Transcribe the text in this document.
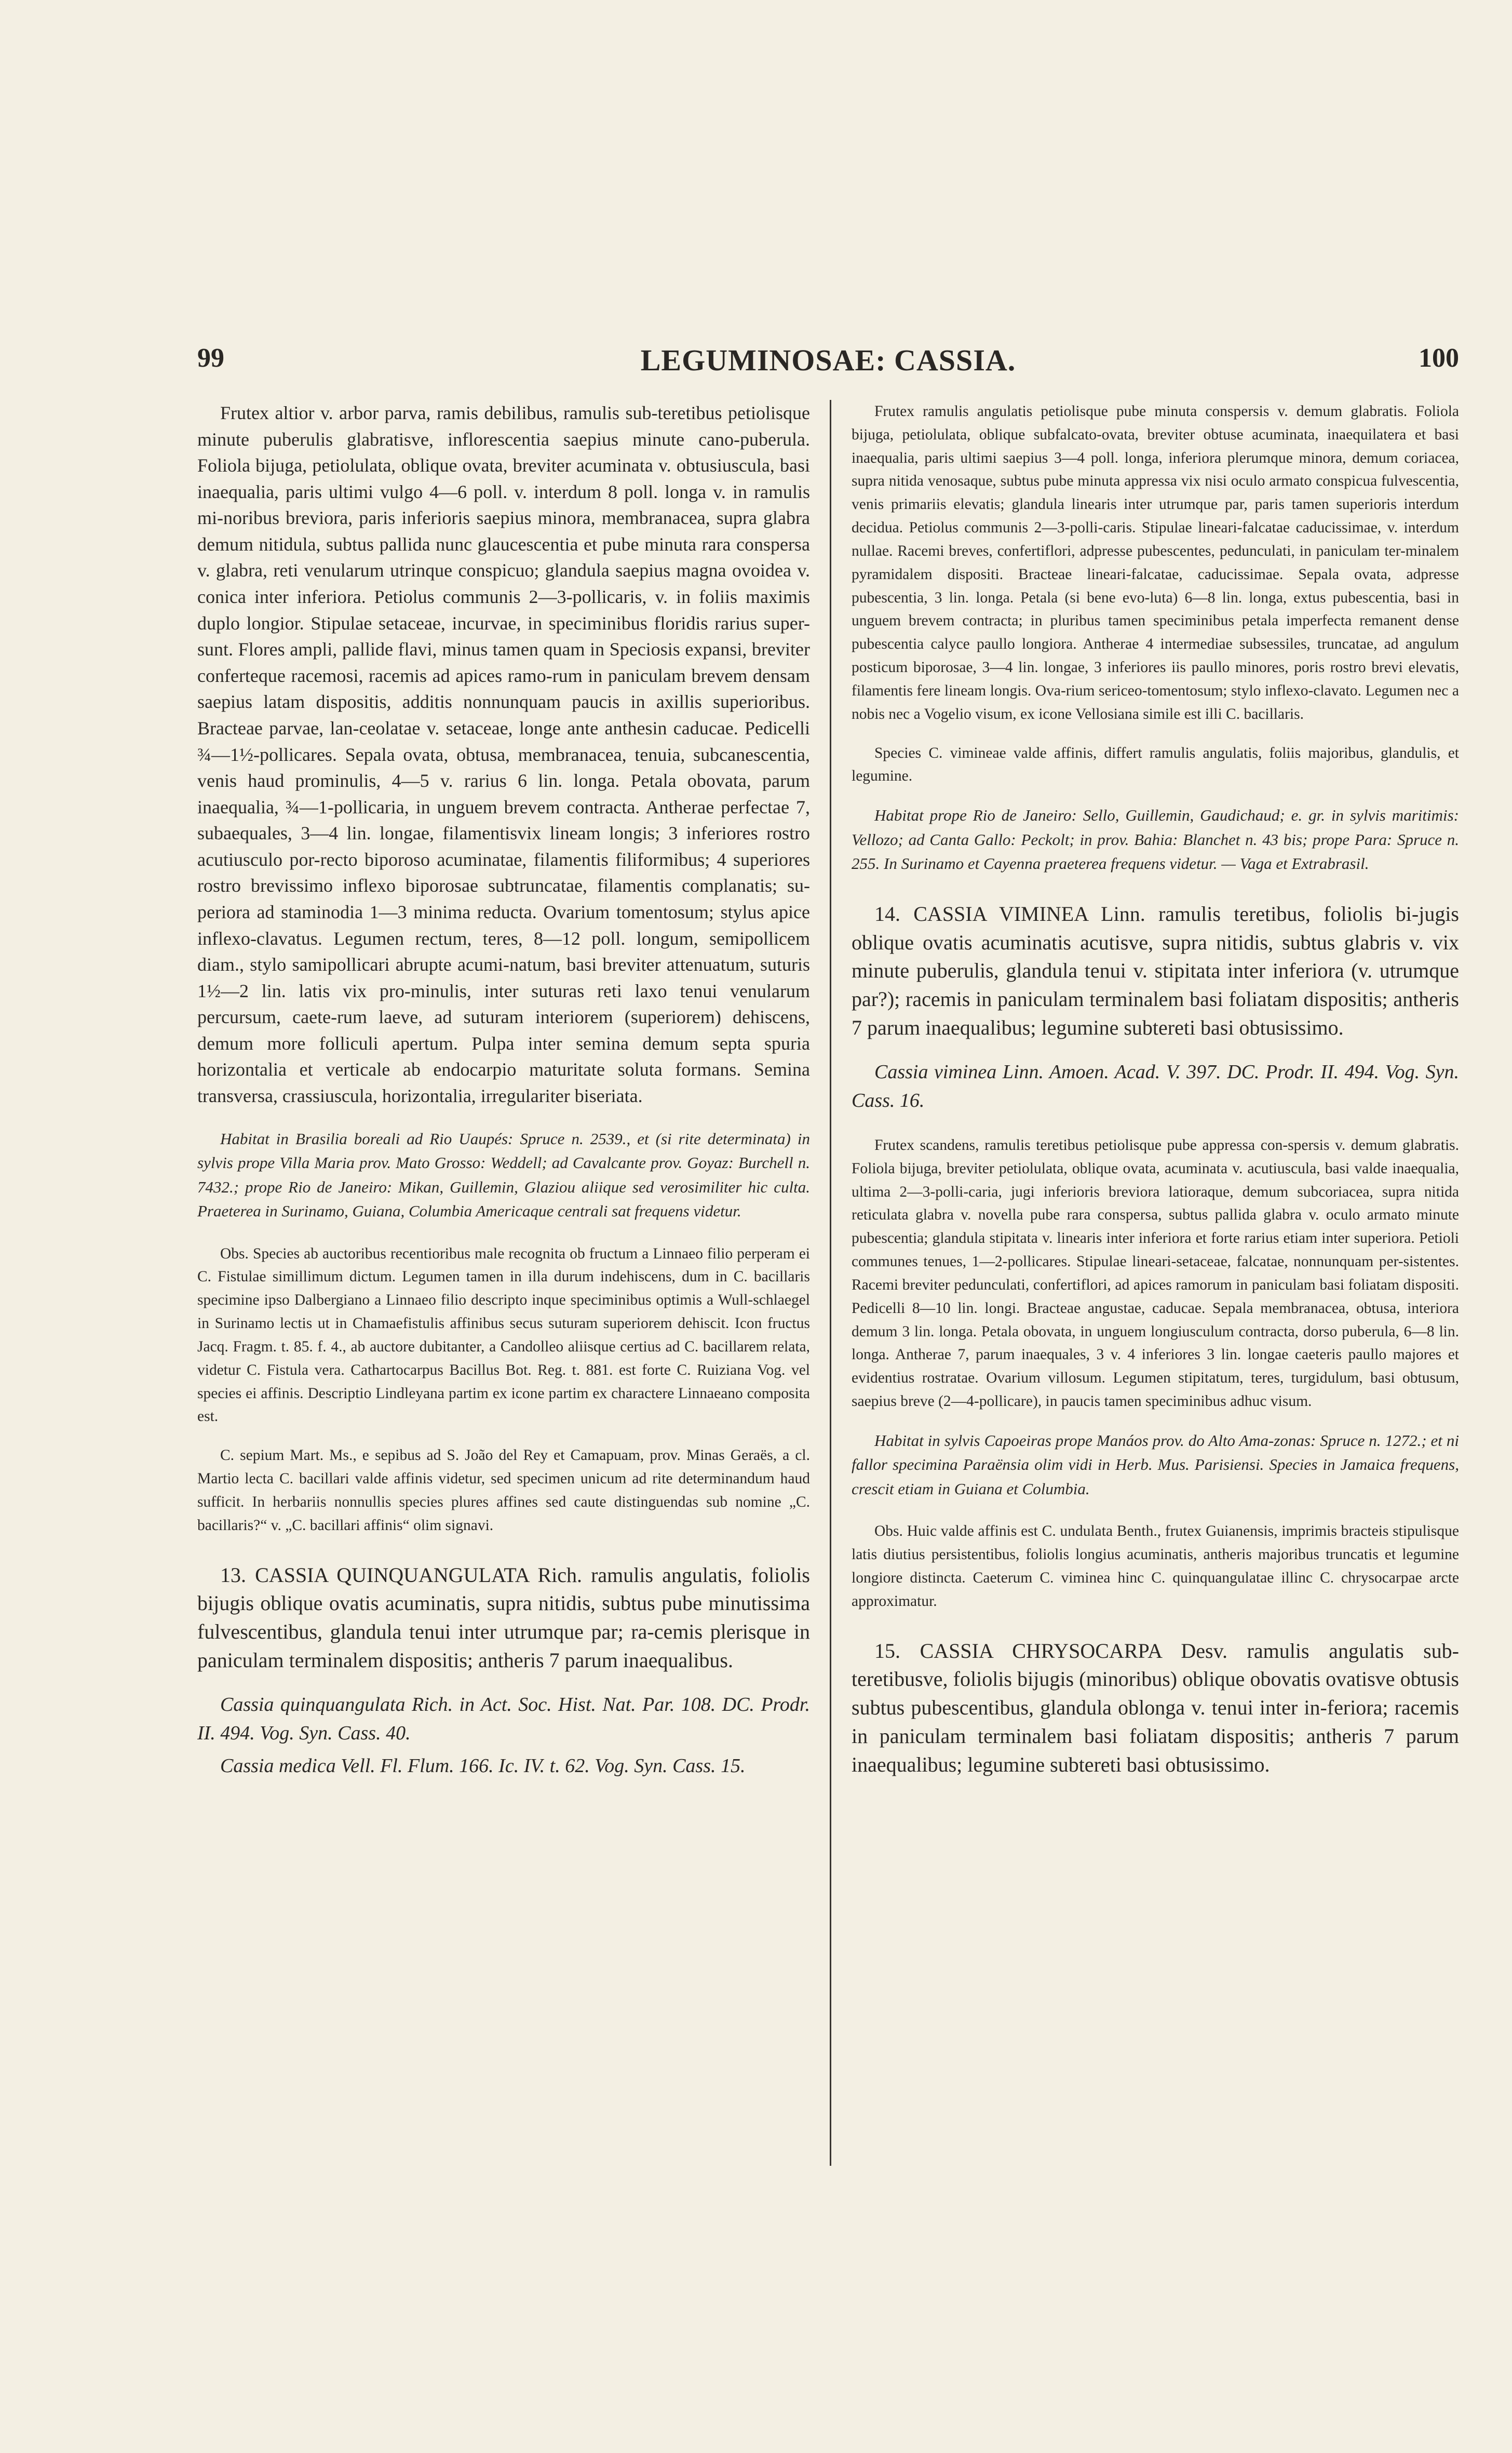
99	LEGUMINOSAE: CASSIA.	100

Frutex altior v. arbor parva, ramis debilibus, ramulis sub-teretibus petiolisque minute puberulis glabratisve, inflorescentia saepius minute cano-puberula. Foliola bijuga, petiolulata, oblique ovata, breviter acuminata v. obtusiuscula, basi inaequalia, paris ultimi vulgo 4—6 poll. v. interdum 8 poll. longa v. in ramulis mi-noribus breviora, paris inferioris saepius minora, membranacea, supra glabra demum nitidula, subtus pallida nunc glaucescentia et pube minuta rara conspersa v. glabra, reti venularum utrinque conspicuo; glandula saepius magna ovoidea v. conica inter inferiora. Petiolus communis 2—3-pollicaris, v. in foliis maximis duplo longior. Stipulae setaceae, incurvae, in speciminibus floridis rarius super-sunt. Flores ampli, pallide flavi, minus tamen quam in Speciosis expansi, breviter conferteque racemosi, racemis ad apices ramo-rum in paniculam brevem densam saepius latam dispositis, additis nonnunquam paucis in axillis superioribus. Bracteae parvae, lan-ceolatae v. setaceae, longe ante anthesin caducae. Pedicelli ¾—1½-pollicares. Sepala ovata, obtusa, membranacea, tenuia, subcanescentia, venis haud prominulis, 4—5 v. rarius 6 lin. longa. Petala obovata, parum inaequalia, ¾—1-pollicaria, in unguem brevem contracta. Antherae perfectae 7, subaequales, 3—4 lin. longae, filamentisvix lineam longis; 3 inferiores rostro acutiusculo por-recto biporoso acuminatae, filamentis filiformibus; 4 superiores rostro brevissimo inflexo biporosae subtruncatae, filamentis complanatis; su-periora ad staminodia 1—3 minima reducta. Ovarium tomentosum; stylus apice inflexo-clavatus. Legumen rectum, teres, 8—12 poll. longum, semipollicem diam., stylo samipollicari abrupte acumi-natum, basi breviter attenuatum, suturis 1½—2 lin. latis vix pro-minulis, inter suturas reti laxo tenui venularum percursum, caete-rum laeve, ad suturam interiorem (superiorem) dehiscens, demum more folliculi apertum. Pulpa inter semina demum septa spuria horizontalia et verticale ab endocarpio maturitate soluta formans. Semina transversa, crassiuscula, horizontalia, irregulariter biseriata.

Habitat in Brasilia boreali ad Rio Uaupés: Spruce n. 2539., et (si rite determinata) in sylvis prope Villa Maria prov. Mato Grosso: Weddell; ad Cavalcante prov. Goyaz: Burchell n. 7432.; prope Rio de Janeiro: Mikan, Guillemin, Glaziou aliique sed verosimiliter hic culta. Praeterea in Surinamo, Guiana, Columbia Americaque centrali sat frequens videtur.

Obs. Species ab auctoribus recentioribus male recognita ob fructum a Linnaeo filio perperam ei C. Fistulae simillimum dictum. Legumen tamen in illa durum indehiscens, dum in C. bacillaris specimine ipso Dalbergiano a Linnaeo filio descripto inque speciminibus optimis a Wull-schlaegel in Surinamo lectis ut in Chamaefistulis affinibus secus suturam superiorem dehiscit. Icon fructus Jacq. Fragm. t. 85. f. 4., ab auctore dubitanter, a Candolleo aliisque certius ad C. bacillarem relata, videtur C. Fistula vera. Cathartocarpus Bacillus Bot. Reg. t. 881. est forte C. Ruiziana Vog. vel species ei affinis. Descriptio Lindleyana partim ex icone partim ex charactere Linnaeano composita est.

C. sepium Mart. Ms., e sepibus ad S. João del Rey et Camapuam, prov. Minas Geraës, a cl. Martio lecta C. bacillari valde affinis videtur, sed specimen unicum ad rite determinandum haud sufficit. In herbariis nonnullis species plures affines sed caute distinguendas sub nomine „C. bacillaris?“ v. „C. bacillari affinis“ olim signavi.

13. CASSIA QUINQUANGULATA Rich. ramulis angulatis, foliolis bijugis oblique ovatis acuminatis, supra nitidis, subtus pube minutissima fulvescentibus, glandula tenui inter utrumque par; ra-cemis plerisque in paniculam terminalem dispositis; antheris 7 parum inaequalibus.

Cassia quinquangulata Rich. in Act. Soc. Hist. Nat. Par. 108. DC. Prodr. II. 494. Vog. Syn. Cass. 40.

Cassia medica Vell. Fl. Flum. 166. Ic. IV. t. 62. Vog. Syn. Cass. 15.

Frutex ramulis angulatis petiolisque pube minuta conspersis v. demum glabratis. Foliola bijuga, petiolulata, oblique subfalcato-ovata, breviter obtuse acuminata, inaequilatera et basi inaequalia, paris ultimi saepius 3—4 poll. longa, inferiora plerumque minora, demum coriacea, supra nitida venosaque, subtus pube minuta appressa vix nisi oculo armato conspicua fulvescentia, venis primariis elevatis; glandula linearis inter utrumque par, paris tamen superioris interdum decidua. Petiolus communis 2—3-polli-caris. Stipulae lineari-falcatae caducissimae, v. interdum nullae. Racemi breves, confertiflori, adpresse pubescentes, pedunculati, in paniculam ter-minalem pyramidalem dispositi. Bracteae lineari-falcatae, caducissimae. Sepala ovata, adpresse pubescentia, 3 lin. longa. Petala (si bene evo-luta) 6—8 lin. longa, extus pubescentia, basi in unguem brevem contracta; in pluribus tamen speciminibus petala imperfecta remanent dense pubescentia calyce paullo longiora. Antherae 4 intermediae subsessiles, truncatae, ad angulum posticum biporosae, 3—4 lin. longae, 3 inferiores iis paullo minores, poris rostro brevi elevatis, filamentis fere lineam longis. Ova-rium sericeo-tomentosum; stylo inflexo-clavato. Legumen nec a nobis nec a Vogelio visum, ex icone Vellosiana simile est illi C. bacillaris.

Species C. vimineae valde affinis, differt ramulis angulatis, foliis majoribus, glandulis, et legumine.

Habitat prope Rio de Janeiro: Sello, Guillemin, Gaudichaud; e. gr. in sylvis maritimis: Vellozo; ad Canta Gallo: Peckolt; in prov. Bahia: Blanchet n. 43 bis; prope Para: Spruce n. 255. In Surinamo et Cayenna praeterea frequens videtur. — Vaga et Extrabrasil.

14. CASSIA VIMINEA Linn. ramulis teretibus, foliolis bi-jugis oblique ovatis acuminatis acutisve, supra nitidis, subtus glabris v. vix minute puberulis, glandula tenui v. stipitata inter inferiora (v. utrumque par?); racemis in paniculam terminalem basi foliatam dispositis; antheris 7 parum inaequalibus; legumine subtereti basi obtusissimo.

Cassia viminea Linn. Amoen. Acad. V. 397. DC. Prodr. II. 494. Vog. Syn. Cass. 16.

Frutex scandens, ramulis teretibus petiolisque pube appressa con-spersis v. demum glabratis. Foliola bijuga, breviter petiolulata, oblique ovata, acuminata v. acutiuscula, basi valde inaequalia, ultima 2—3-polli-caria, jugi inferioris breviora latioraque, demum subcoriacea, supra nitida reticulata glabra v. novella pube rara conspersa, subtus pallida glabra v. oculo armato minute pubescentia; glandula stipitata v. linearis inter inferiora et forte rarius etiam inter superiora. Petioli communes tenues, 1—2-pollicares. Stipulae lineari-setaceae, falcatae, nonnunquam per-sistentes. Racemi breviter pedunculati, confertiflori, ad apices ramorum in paniculam basi foliatam dispositi. Pedicelli 8—10 lin. longi. Bracteae angustae, caducae. Sepala membranacea, obtusa, interiora demum 3 lin. longa. Petala obovata, in unguem longiusculum contracta, dorso puberula, 6—8 lin. longa. Antherae 7, parum inaequales, 3 v. 4 inferiores 3 lin. longae caeteris paullo majores et evidentius rostratae. Ovarium villosum. Legumen stipitatum, teres, turgidulum, basi obtusum, saepius breve (2—4-pollicare), in paucis tamen speciminibus adhuc visum.

Habitat in sylvis Capoeiras prope Manáos prov. do Alto Ama-zonas: Spruce n. 1272.; et ni fallor specimina Paraënsia olim vidi in Herb. Mus. Parisiensi. Species in Jamaica frequens, crescit etiam in Guiana et Columbia.

Obs. Huic valde affinis est C. undulata Benth., frutex Guianensis, imprimis bracteis stipulisque latis diutius persistentibus, foliolis longius acuminatis, antheris majoribus truncatis et legumine longiore distincta. Caeterum C. viminea hinc C. quinquangulatae illinc C. chrysocarpae arcte approximatur.

15. CASSIA CHRYSOCARPA Desv. ramulis angulatis sub-teretibusve, foliolis bijugis (minoribus) oblique obovatis ovatisve obtusis subtus pubescentibus, glandula oblonga v. tenui inter in-feriora; racemis in paniculam terminalem basi foliatam dispositis; antheris 7 parum inaequalibus; legumine subtereti basi obtusissimo.
